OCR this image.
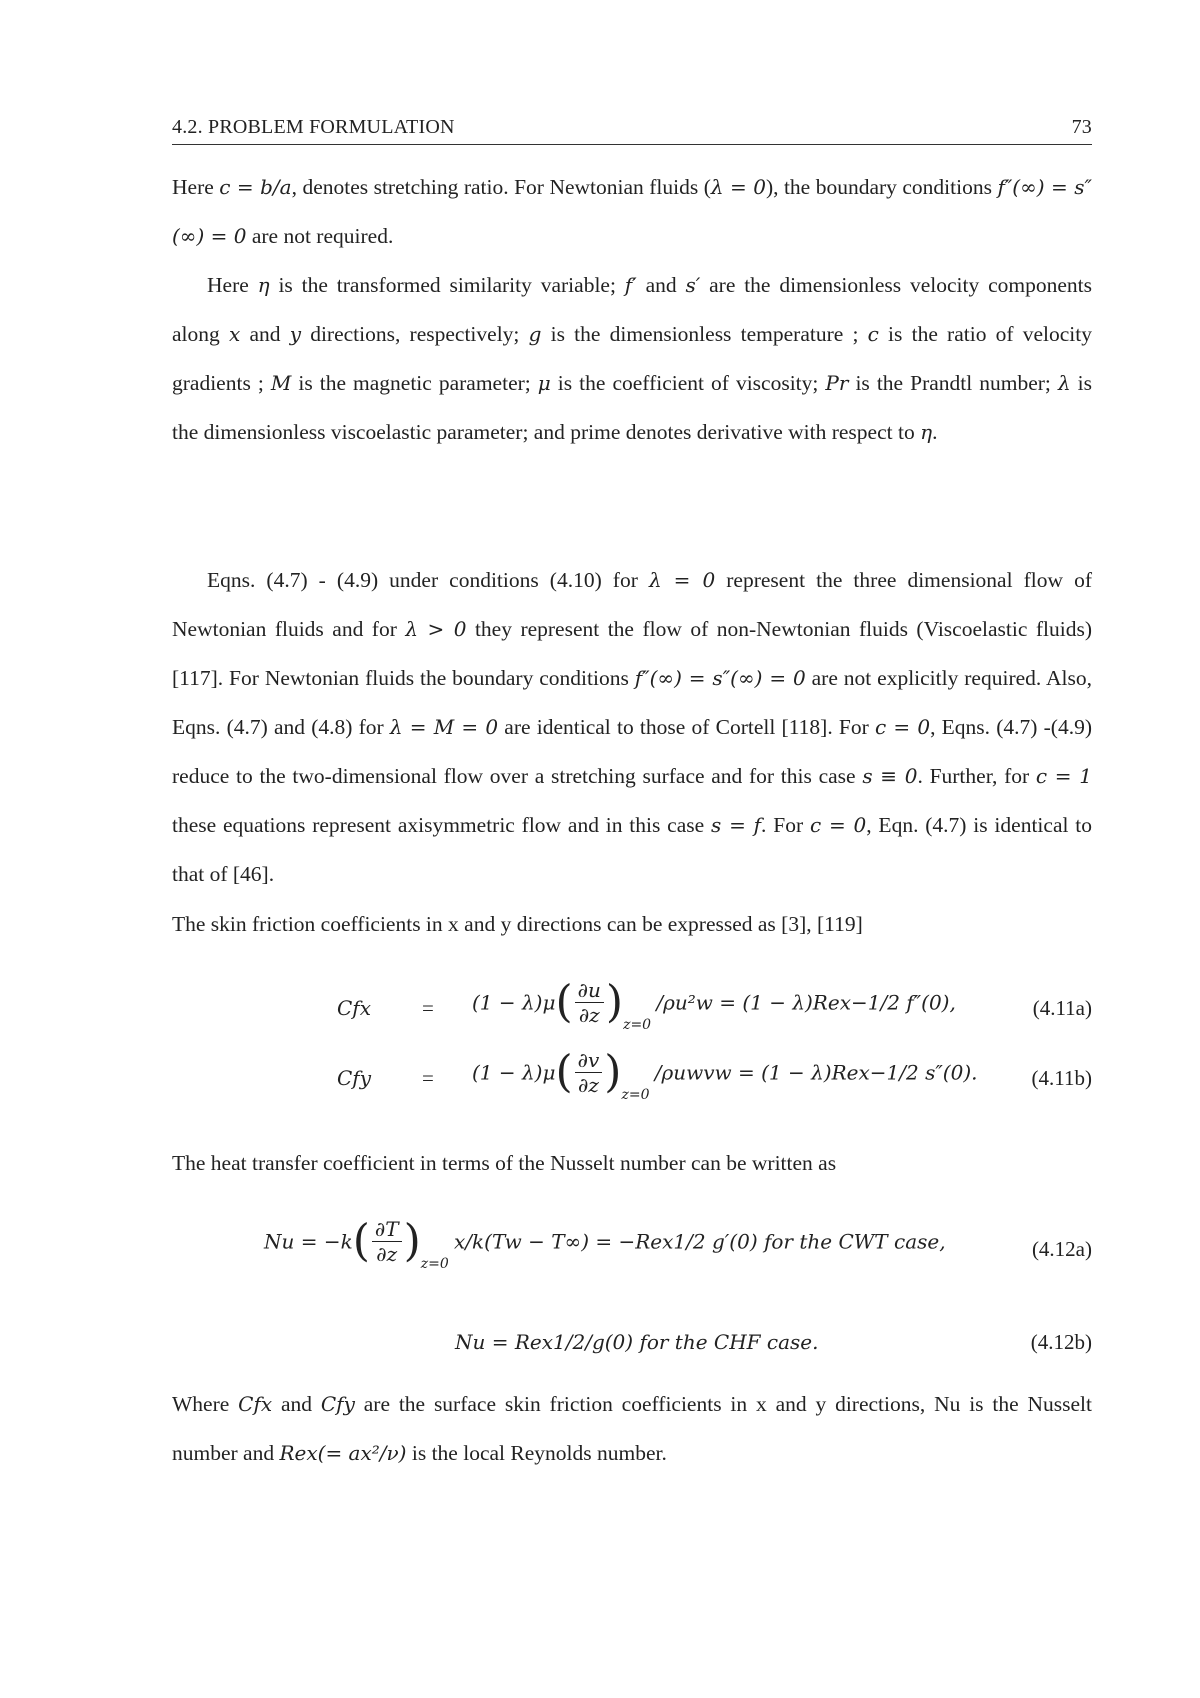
4.2. PROBLEM FORMULATION	73
Here c = b/a, denotes stretching ratio. For Newtonian fluids (λ = 0), the boundary conditions f″(∞) = s″(∞) = 0 are not required.
Here η is the transformed similarity variable; f′ and s′ are the dimensionless velocity components along x and y directions, respectively; g is the dimensionless temperature ; c is the ratio of velocity gradients ; M is the magnetic parameter; μ is the coefficient of viscosity; Pr is the Prandtl number; λ is the dimensionless viscoelastic parameter; and prime denotes derivative with respect to η.
Eqns. (4.7) - (4.9) under conditions (4.10) for λ = 0 represent the three dimensional flow of Newtonian fluids and for λ > 0 they represent the flow of non-Newtonian fluids (Viscoelastic fluids) [117]. For Newtonian fluids the boundary conditions f″(∞) = s″(∞) = 0 are not explicitly required. Also, Eqns. (4.7) and (4.8) for λ = M = 0 are identical to those of Cortell [118]. For c = 0, Eqns. (4.7) -(4.9) reduce to the two-dimensional flow over a stretching surface and for this case s ≡ 0. Further, for c = 1 these equations represent axisymmetric flow and in this case s = f. For c = 0, Eqn. (4.7) is identical to that of [46].
The skin friction coefficients in x and y directions can be expressed as [3], [119]
Cfx = $(1 - \lambda)\mu( \frac{\partial u}{\partial z} )_{z=0}$ /ρu²w = (1 − λ)Rex−1/2 f″(0),	(4.11a)
Cfy = $(1 - \lambda)\mu( \frac{\partial v}{\partial z} )_{z=0}$ /ρuwvw = (1 − λ)Rex−1/2 s″(0).	(4.11b)
The heat transfer coefficient in terms of the Nusselt number can be written as
$Nu = -k( \frac{\partial T}{\partial z} )_{z=0}$ x/k(Tw − T∞) = −Rex1/2 g′(0) for the CWT case,	(4.12a)
Nu = Rex1/2/g(0) for the CHF case.	(4.12b)
Where Cfx and Cfy are the surface skin friction coefficients in x and y directions, Nu is the Nusselt number and Rex(= ax²/ν) is the local Reynolds number.
